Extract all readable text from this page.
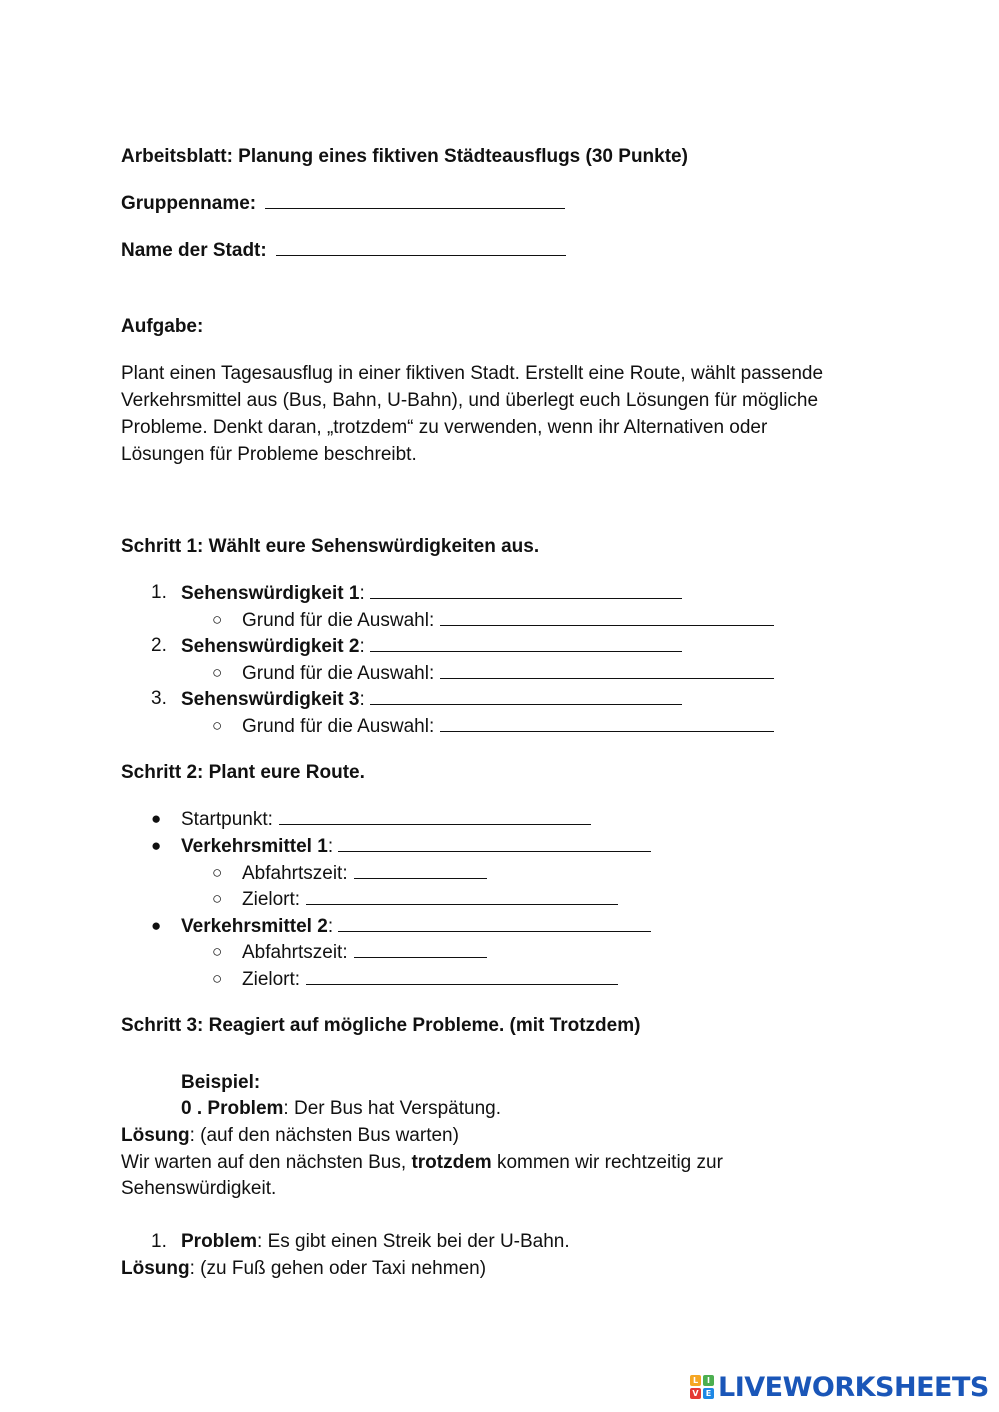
Arbeitsblatt: Planung eines fiktiven Städteausflugs (30 Punkte)
Gruppenname:
Name der Stadt:
Aufgabe:
Plant einen Tagesausflug in einer fiktiven Stadt. Erstellt eine Route, wählt passende
Verkehrsmittel aus (Bus, Bahn, U-Bahn), und überlegt euch Lösungen für mögliche
Probleme. Denkt daran, „trotzdem“ zu verwenden, wenn ihr Alternativen oder
Lösungen für Probleme beschreibt.
Schritt 1: Wählt eure Sehenswürdigkeiten aus.
1. Sehenswürdigkeit 1:
○ Grund für die Auswahl:
2. Sehenswürdigkeit 2:
○ Grund für die Auswahl:
3. Sehenswürdigkeit 3:
○ Grund für die Auswahl:
Schritt 2: Plant eure Route.
● Startpunkt:
● Verkehrsmittel 1:
○ Abfahrtszeit:
○ Zielort:
● Verkehrsmittel 2:
○ Abfahrtszeit:
○ Zielort:
Schritt 3: Reagiert auf mögliche Probleme. (mit Trotzdem)
Beispiel:
0 . Problem: Der Bus hat Verspätung.
Lösung: (auf den nächsten Bus warten)
Wir warten auf den nächsten Bus, trotzdem kommen wir rechtzeitig zur
Sehenswürdigkeit.
1. Problem: Es gibt einen Streik bei der U-Bahn.
Lösung: (zu Fuß gehen oder Taxi nehmen)
L	I
V E LIVEWORKSHEETS
